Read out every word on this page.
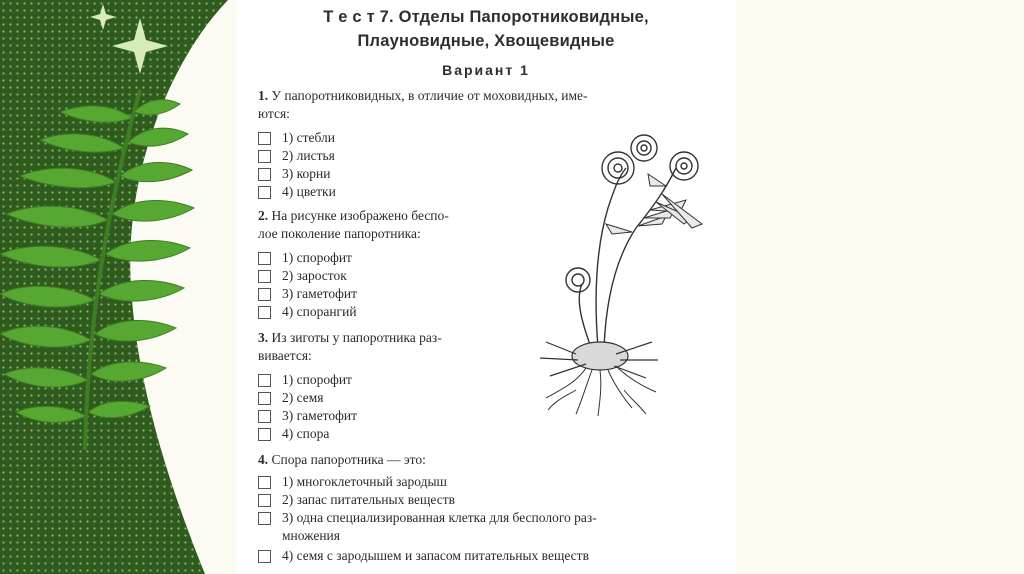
Т е с т 7. Отделы Папоротниковидные,
Плауновидные, Хвощевидные
Вариант 1
1. У папоротниковидных, в отличие от моховидных, име-
ются:
1) стебли
2) листья
3) корни
4) цветки
2. На рисунке изображено беспо-
лое поколение папоротника:
1) спорофит
2) заросток
3) гаметофит
4) спорангий
3. Из зиготы у папоротника раз-
вивается:
1) спорофит
2) семя
3) гаметофит
4) спора
4. Спора папоротника — это:
1) многоклеточный зародыш
2) запас питательных веществ
3) одна специализированная клетка для бесполого раз-
множения
4) семя с зародышем и запасом питательных веществ
